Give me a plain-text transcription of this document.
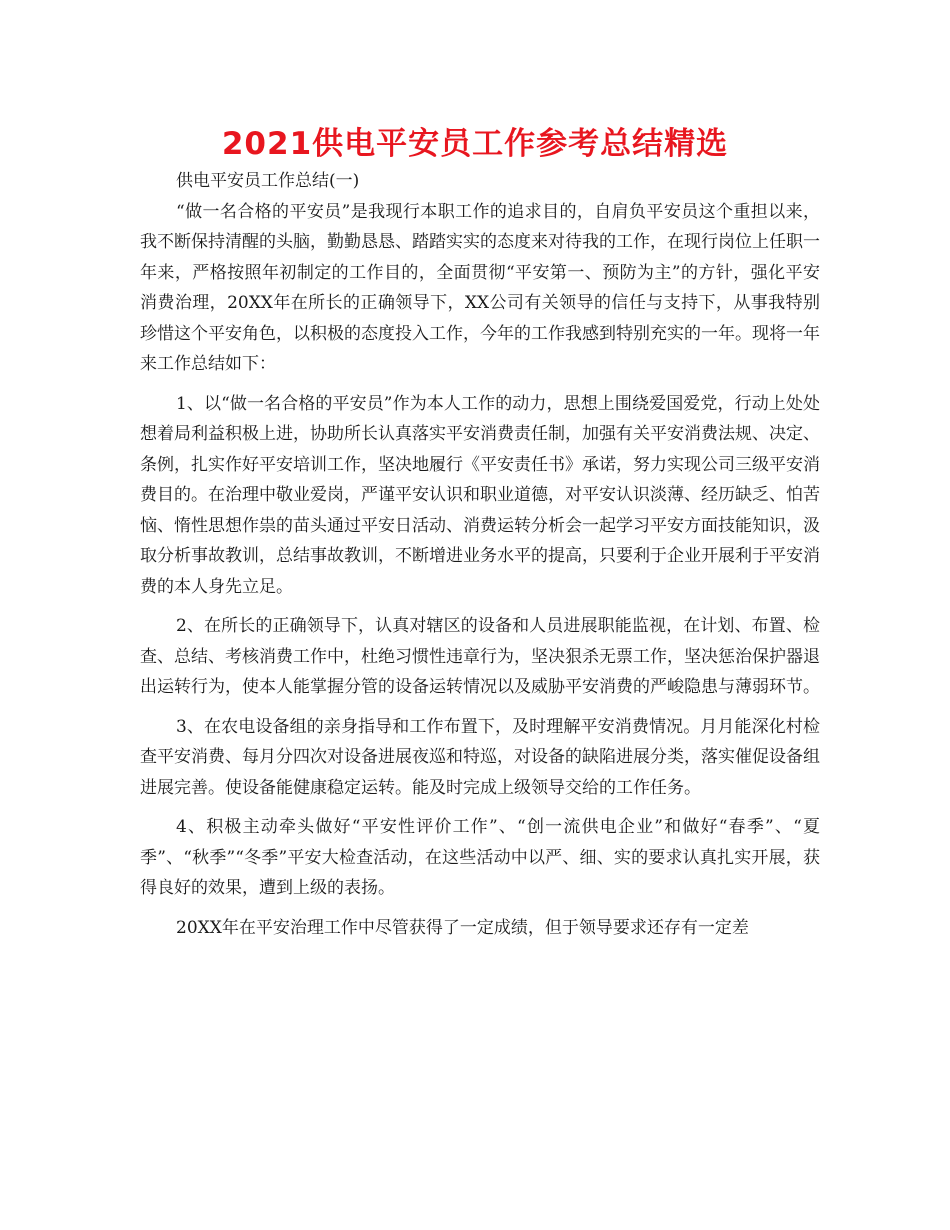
2021供电平安员工作参考总结精选

供电平安员工作总结(一)

“做一名合格的平安员”是我现行本职工作的追求目的，自肩负平安员这个重担以来，我不断保持清醒的头脑，勤勤恳恳、踏踏实实的态度来对待我的工作，在现行岗位上任职一年来，严格按照年初制定的工作目的，全面贯彻“平安第一、预防为主”的方针，强化平安消费治理，20XX年在所长的正确领导下，XX公司有关领导的信任与支持下，从事我特别珍惜这个平安角色，以积极的态度投入工作，今年的工作我感到特别充实的一年。现将一年来工作总结如下：

1、以“做一名合格的平安员”作为本人工作的动力，思想上围绕爱国爱党，行动上处处想着局利益积极上进，协助所长认真落实平安消费责任制，加强有关平安消费法规、决定、条例，扎实作好平安培训工作，坚决地履行《平安责任书》承诺，努力实现公司三级平安消费目的。在治理中敬业爱岗，严谨平安认识和职业道德，对平安认识淡薄、经历缺乏、怕苦恼、惰性思想作祟的苗头通过平安日活动、消费运转分析会一起学习平安方面技能知识，汲取分析事故教训，总结事故教训，不断增进业务水平的提高，只要利于企业开展利于平安消费的本人身先立足。

2、在所长的正确领导下，认真对辖区的设备和人员进展职能监视，在计划、布置、检查、总结、考核消费工作中，杜绝习惯性违章行为，坚决狠杀无票工作，坚决惩治保护器退出运转行为，使本人能掌握分管的设备运转情况以及威胁平安消费的严峻隐患与薄弱环节。

3、在农电设备组的亲身指导和工作布置下，及时理解平安消费情况。月月能深化村检查平安消费、每月分四次对设备进展夜巡和特巡，对设备的缺陷进展分类，落实催促设备组进展完善。使设备能健康稳定运转。能及时完成上级领导交给的工作任务。

4、积极主动牵头做好“平安性评价工作”、“创一流供电企业”和做好“春季”、“夏季”、“秋季”“冬季”平安大检查活动，在这些活动中以严、细、实的要求认真扎实开展，获得良好的效果，遭到上级的表扬。

20XX年在平安治理工作中尽管获得了一定成绩，但于领导要求还存有一定差
